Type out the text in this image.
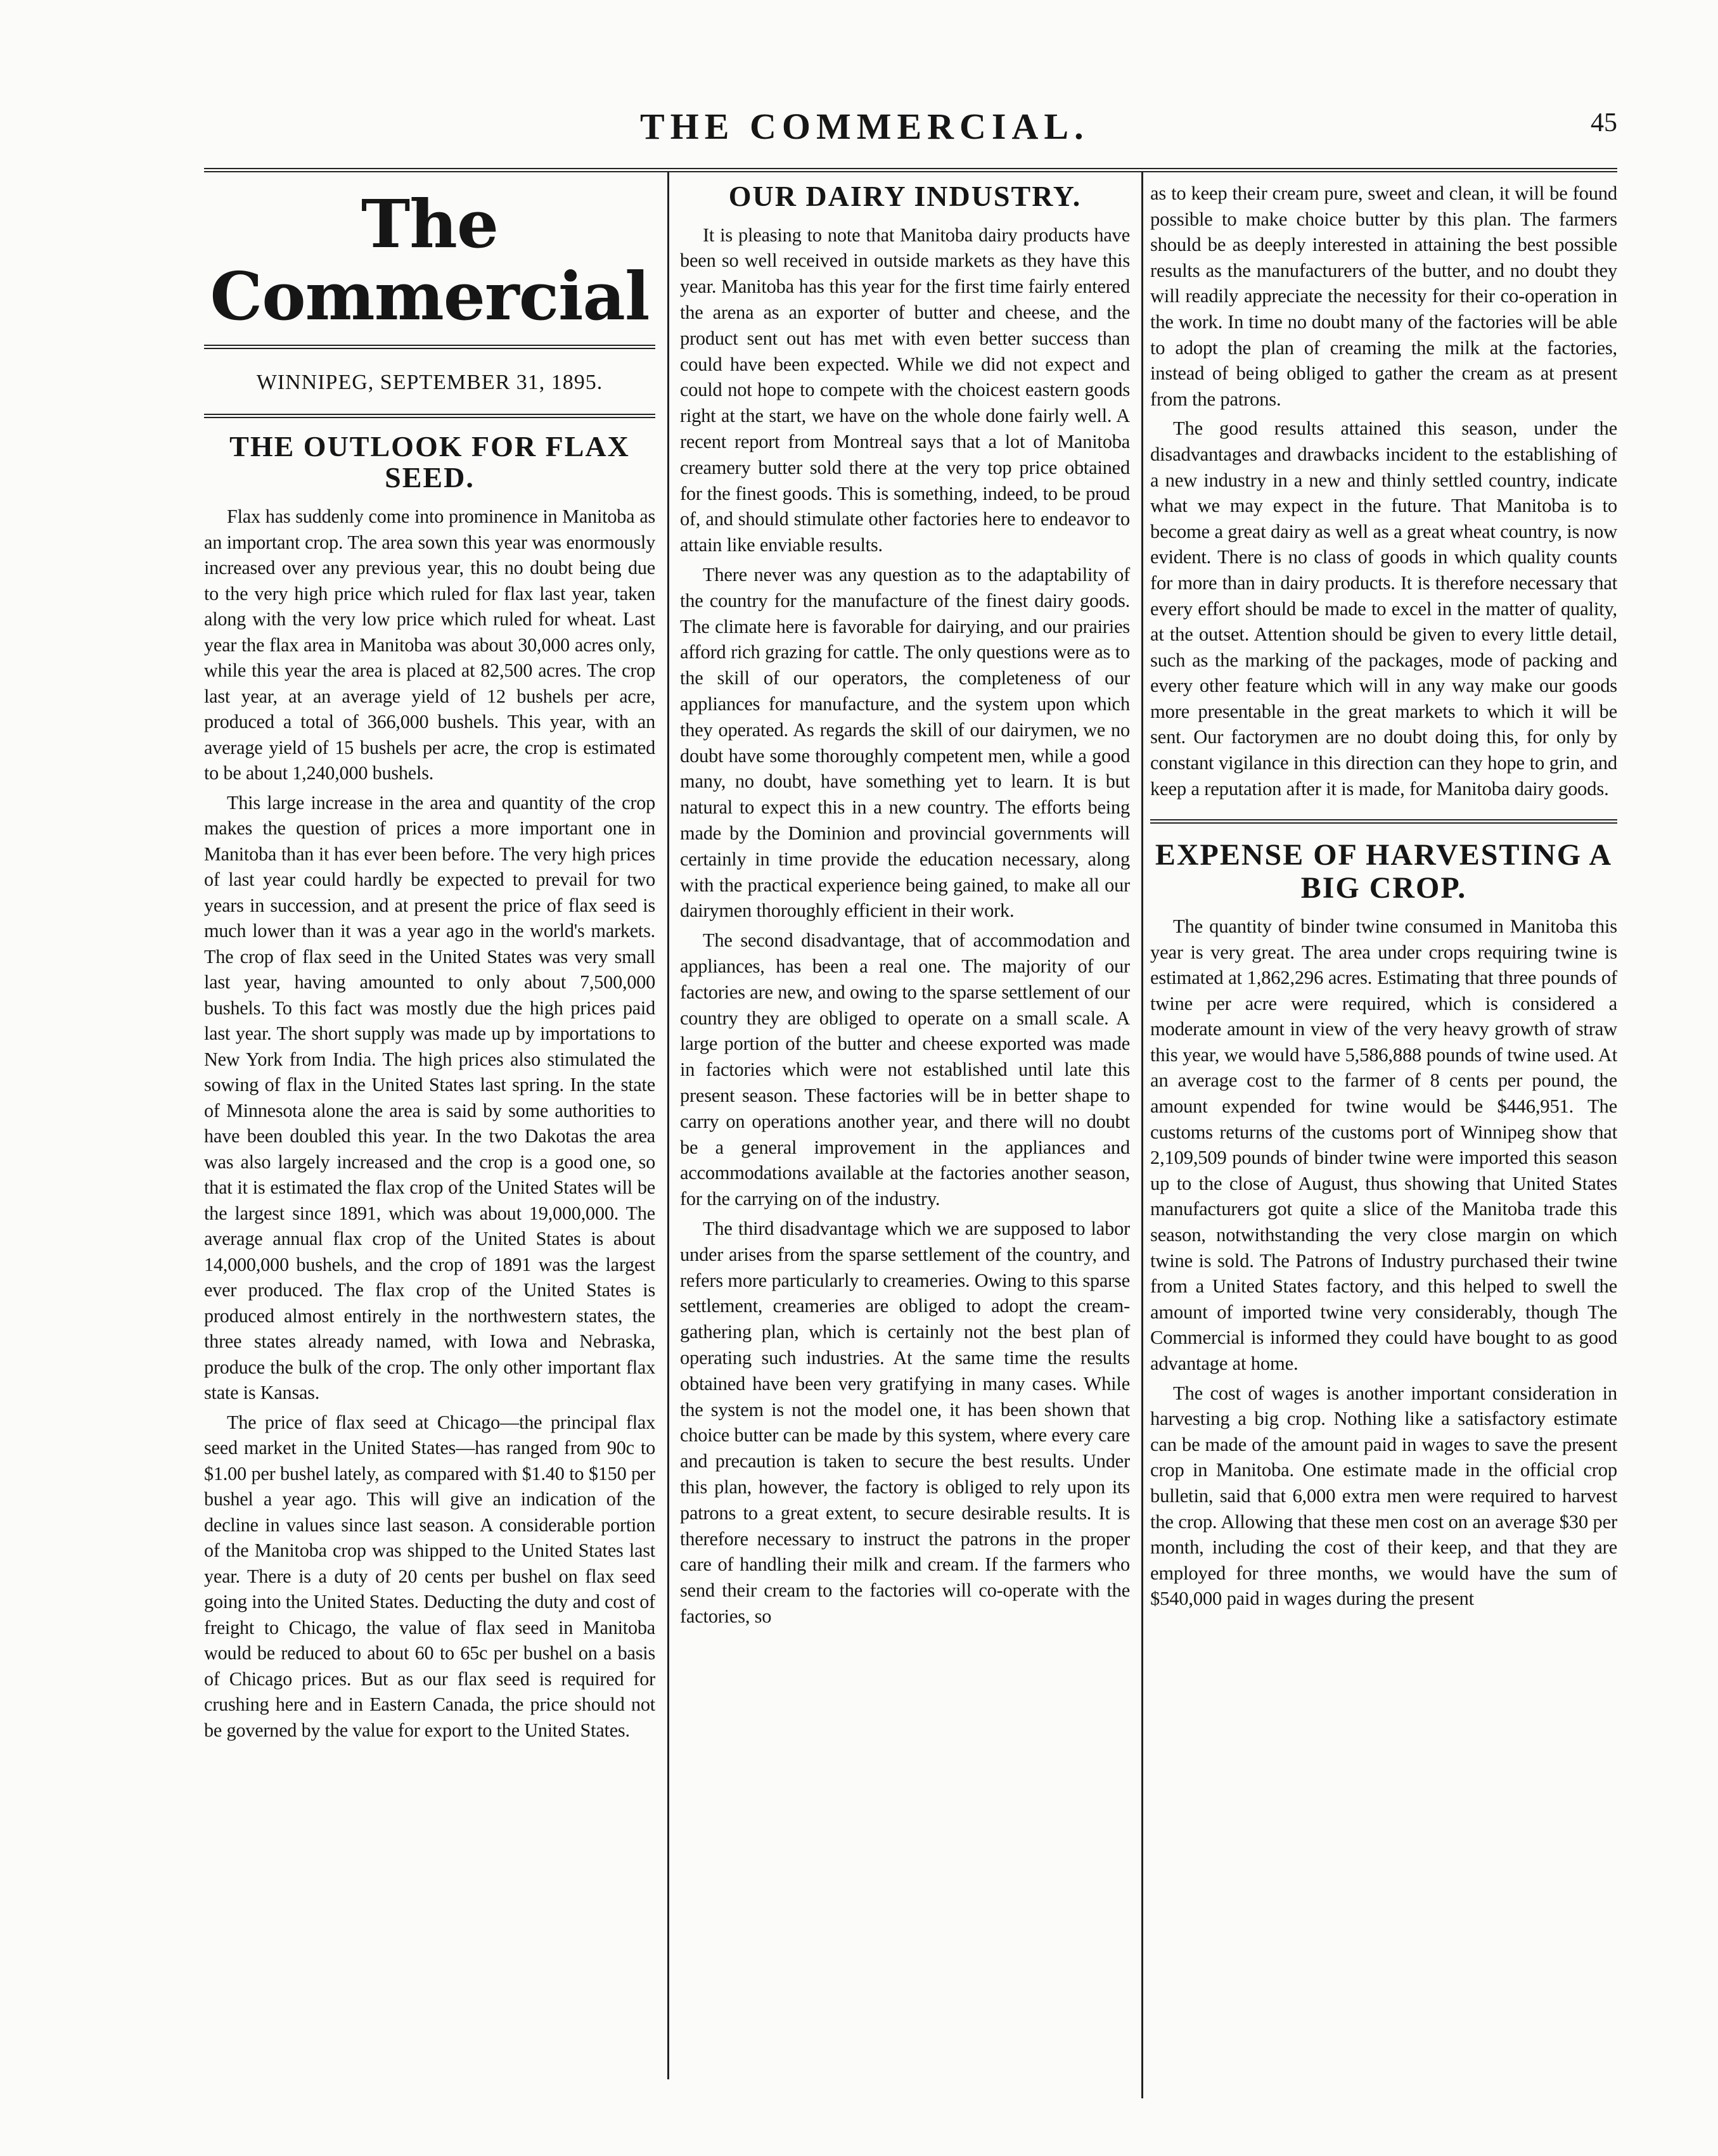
THE COMMERCIAL.	45
The Commercial
WINNIPEG, SEPTEMBER 31, 1895.
THE OUTLOOK FOR FLAX SEED.

Flax has suddenly come into prominence in Manitoba as an important crop. The area sown this year was enormously increased over any previous year, this no doubt being due to the very high price which ruled for flax last year, taken along with the very low price which ruled for wheat. Last year the flax area in Manitoba was about 30,000 acres only, while this year the area is placed at 82,500 acres. The crop last year, at an average yield of 12 bushels per acre, produced a total of 366,000 bushels. This year, with an average yield of 15 bushels per acre, the crop is estimated to be about 1,240,000 bushels.

This large increase in the area and quantity of the crop makes the question of prices a more important one in Manitoba than it has ever been before. The very high prices of last year could hardly be expected to prevail for two years in succession, and at present the price of flax seed is much lower than it was a year ago in the world's markets. The crop of flax seed in the United States was very small last year, having amounted to only about 7,500,000 bushels. To this fact was mostly due the high prices paid last year. The short supply was made up by importations to New York from India. The high prices also stimulated the sowing of flax in the United States last spring. In the state of Minnesota alone the area is said by some authorities to have been doubled this year. In the two Dakotas the area was also largely increased and the crop is a good one, so that it is estimated the flax crop of the United States will be the largest since 1891, which was about 19,000,000. The average annual flax crop of the United States is about 14,000,000 bushels, and the crop of 1891 was the largest ever produced. The flax crop of the United States is produced almost entirely in the northwestern states, the three states already named, with Iowa and Nebraska, produce the bulk of the crop. The only other important flax state is Kansas.

The price of flax seed at Chicago—the principal flax seed market in the United States—has ranged from 90c to $1.00 per bushel lately, as compared with $1.40 to $150 per bushel a year ago. This will give an indication of the decline in values since last season. A considerable portion of the Manitoba crop was shipped to the United States last year. There is a duty of 20 cents per bushel on flax seed going into the United States. Deducting the duty and cost of freight to Chicago, the value of flax seed in Manitoba would be reduced to about 60 to 65c per bushel on a basis of Chicago prices. But as our flax seed is required for crushing here and in Eastern Canada, the price should not be governed by the value for export to the United States.

OUR DAIRY INDUSTRY.

It is pleasing to note that Manitoba dairy products have been so well received in outside markets as they have this year. Manitoba has this year for the first time fairly entered the arena as an exporter of butter and cheese, and the product sent out has met with even better success than could have been expected. While we did not expect and could not hope to compete with the choicest eastern goods right at the start, we have on the whole done fairly well. A recent report from Montreal says that a lot of Manitoba creamery butter sold there at the very top price obtained for the finest goods. This is something, indeed, to be proud of, and should stimulate other factories here to endeavor to attain like enviable results.

There never was any question as to the adaptability of the country for the manufacture of the finest dairy goods. The climate here is favorable for dairying, and our prairies afford rich grazing for cattle. The only questions were as to the skill of our operators, the completeness of our appliances for manufacture, and the system upon which they operated. As regards the skill of our dairymen, we no doubt have some thoroughly competent men, while a good many, no doubt, have something yet to learn. It is but natural to expect this in a new country. The efforts being made by the Dominion and provincial governments will certainly in time provide the education necessary, along with the practical experience being gained, to make all our dairymen thoroughly efficient in their work.

The second disadvantage, that of accommodation and appliances, has been a real one. The majority of our factories are new, and owing to the sparse settlement of our country they are obliged to operate on a small scale. A large portion of the butter and cheese exported was made in factories which were not established until late this present season. These factories will be in better shape to carry on operations another year, and there will no doubt be a general improvement in the appliances and accommodations available at the factories another season, for the carrying on of the industry.

The third disadvantage which we are supposed to labor under arises from the sparse settlement of the country, and refers more particularly to creameries. Owing to this sparse settlement, creameries are obliged to adopt the cream-gathering plan, which is certainly not the best plan of operating such industries. At the same time the results obtained have been very gratifying in many cases. While the system is not the model one, it has been shown that choice butter can be made by this system, where every care and precaution is taken to secure the best results. Under this plan, however, the factory is obliged to rely upon its patrons to a great extent, to secure desirable results. It is therefore necessary to instruct the patrons in the proper care of handling their milk and cream. If the farmers who send their cream to the factories will co-operate with the factories, so

as to keep their cream pure, sweet and clean, it will be found possible to make choice butter by this plan. The farmers should be as deeply interested in attaining the best possible results as the manufacturers of the butter, and no doubt they will readily appreciate the necessity for their co-operation in the work. In time no doubt many of the factories will be able to adopt the plan of creaming the milk at the factories, instead of being obliged to gather the cream as at present from the patrons.

The good results attained this season, under the disadvantages and drawbacks incident to the establishing of a new industry in a new and thinly settled country, indicate what we may expect in the future. That Manitoba is to become a great dairy as well as a great wheat country, is now evident. There is no class of goods in which quality counts for more than in dairy products. It is therefore necessary that every effort should be made to excel in the matter of quality, at the outset. Attention should be given to every little detail, such as the marking of the packages, mode of packing and every other feature which will in any way make our goods more presentable in the great markets to which it will be sent. Our factorymen are no doubt doing this, for only by constant vigilance in this direction can they hope to grin, and keep a reputation after it is made, for Manitoba dairy goods.

EXPENSE OF HARVESTING A BIG CROP.

The quantity of binder twine consumed in Manitoba this year is very great. The area under crops requiring twine is estimated at 1,862,296 acres. Estimating that three pounds of twine per acre were required, which is considered a moderate amount in view of the very heavy growth of straw this year, we would have 5,586,888 pounds of twine used. At an average cost to the farmer of 8 cents per pound, the amount expended for twine would be $446,951. The customs returns of the customs port of Winnipeg show that 2,109,509 pounds of binder twine were imported this season up to the close of August, thus showing that United States manufacturers got quite a slice of the Manitoba trade this season, notwithstanding the very close margin on which twine is sold. The Patrons of Industry purchased their twine from a United States factory, and this helped to swell the amount of imported twine very considerably, though The Commercial is informed they could have bought to as good advantage at home.

The cost of wages is another important consideration in harvesting a big crop. Nothing like a satisfactory estimate can be made of the amount paid in wages to save the present crop in Manitoba. One estimate made in the official crop bulletin, said that 6,000 extra men were required to harvest the crop. Allowing that these men cost on an average $30 per month, including the cost of their keep, and that they are employed for three months, we would have the sum of $540,000 paid in wages during the present
